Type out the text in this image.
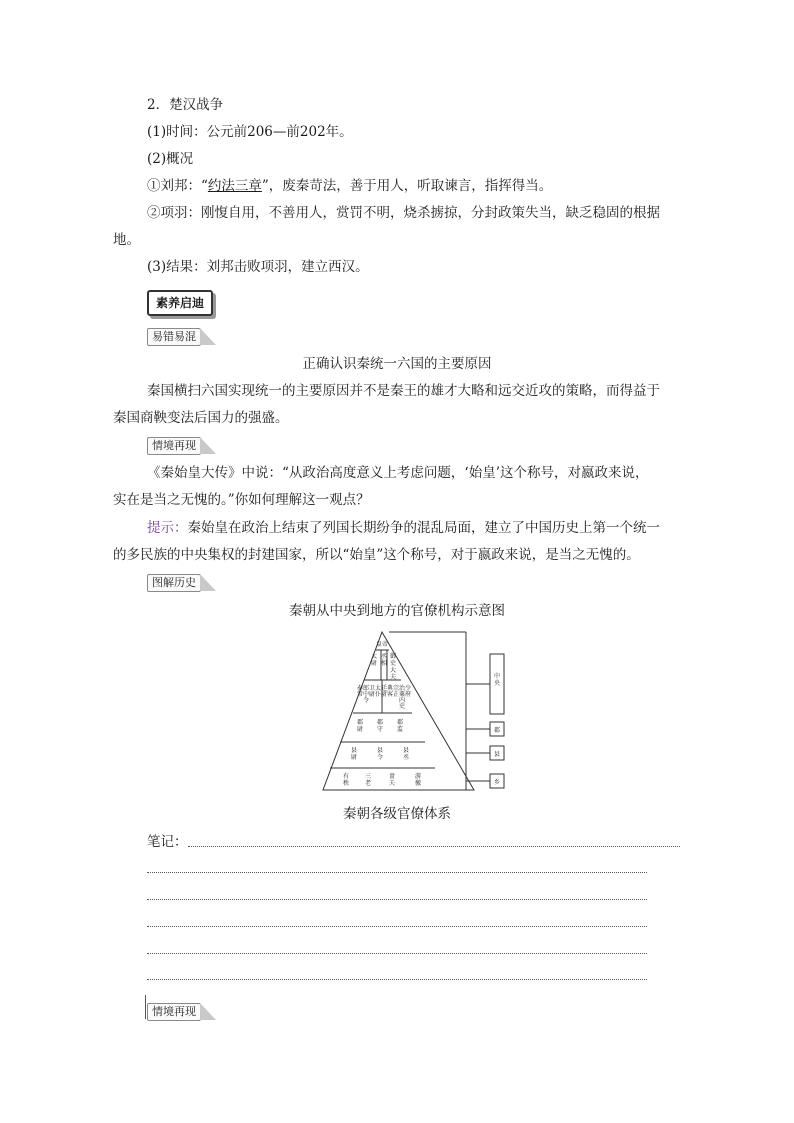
2．楚汉战争
(1)时间：公元前206—前202年。
(2)概况
①刘邦：“约法三章”，废秦苛法，善于用人，听取谏言，指挥得当。
②项羽：刚愎自用，不善用人，赏罚不明，烧杀掳掠，分封政策失当，缺乏稳固的根据
地。
(3)结果：刘邦击败项羽，建立西汉。
素养启迪
易错易混
正确认识秦统一六国的主要原因
秦国横扫六国实现统一的主要原因并不是秦王的雄才大略和远交近攻的策略，而得益于
秦国商鞅变法后国力的强盛。
情境再现
《秦始皇大传》中说：“从政治高度意义上考虑问题，‘始皇’这个称号，对嬴政来说，
实在是当之无愧的。”你如何理解这一观点？
提示：秦始皇在政治上结束了列国长期纷争的混乱局面，建立了中国历史上第一个统一
的多民族的中央集权的封建国家，所以“始皇”这个称号，对于嬴政来说，是当之无愧的。
图解历史
秦朝从中央到地方的官僚机构示意图
皇帝
太尉
丞相
御史大夫
奉常
郎中令
卫尉
太仆
廷尉
典客
宗正
治粟内史
少府
郡尉
郡守
郡监
县尉
县令
县丞
有秩
三老
啬夫
游徼
中央
郡
县
乡
秦朝各级官僚体系
笔记：
情境再现
